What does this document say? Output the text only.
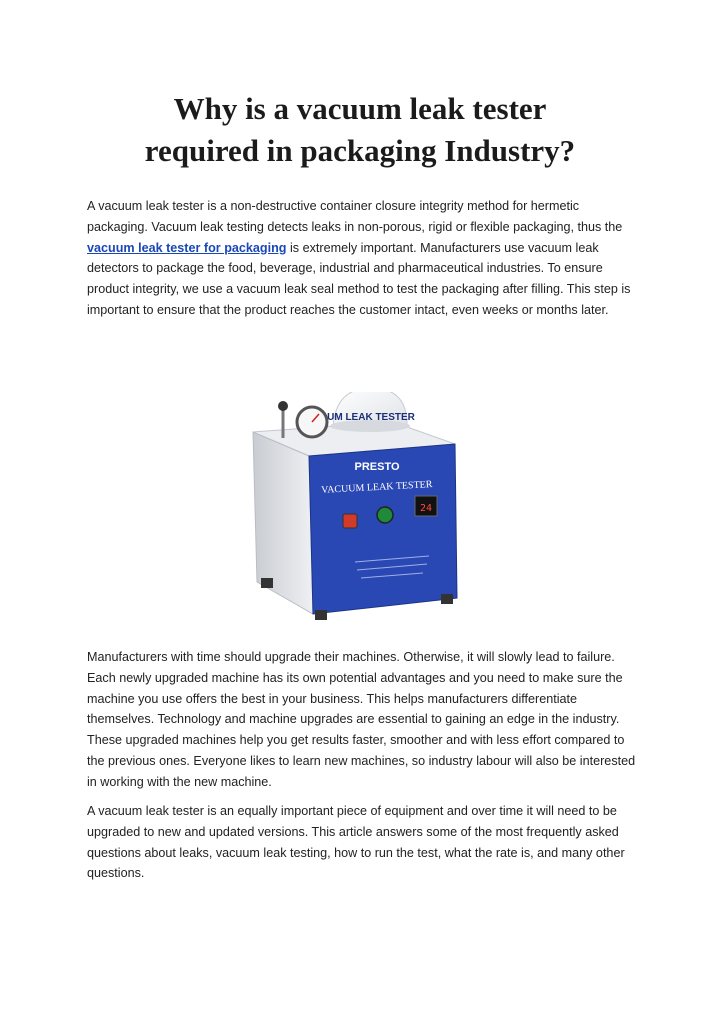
Why is a vacuum leak tester
required in packaging Industry?

A vacuum leak tester is a non-destructive container closure integrity method for hermetic packaging. Vacuum leak testing detects leaks in non-porous, rigid or flexible packaging, thus the vacuum leak tester for packaging is extremely important. Manufacturers use vacuum leak detectors to package the food, beverage, industrial and pharmaceutical industries. To ensure product integrity, we use a vacuum leak seal method to test the packaging after filling. This step is important to ensure that the product reaches the customer intact, even weeks or months later.

UM LEAK TESTER
PRESTO
VACUUM LEAK TESTER
24

Manufacturers with time should upgrade their machines. Otherwise, it will slowly lead to failure. Each newly upgraded machine has its own potential advantages and you need to make sure the machine you use offers the best in your business. This helps manufacturers differentiate themselves. Technology and machine upgrades are essential to gaining an edge in the industry. These upgraded machines help you get results faster, smoother and with less effort compared to the previous ones. Everyone likes to learn new machines, so industry labour will also be interested in working with the new machine.

A vacuum leak tester is an equally important piece of equipment and over time it will need to be upgraded to new and updated versions. This article answers some of the most frequently asked questions about leaks, vacuum leak testing, how to run the test, what the rate is, and many other questions.
